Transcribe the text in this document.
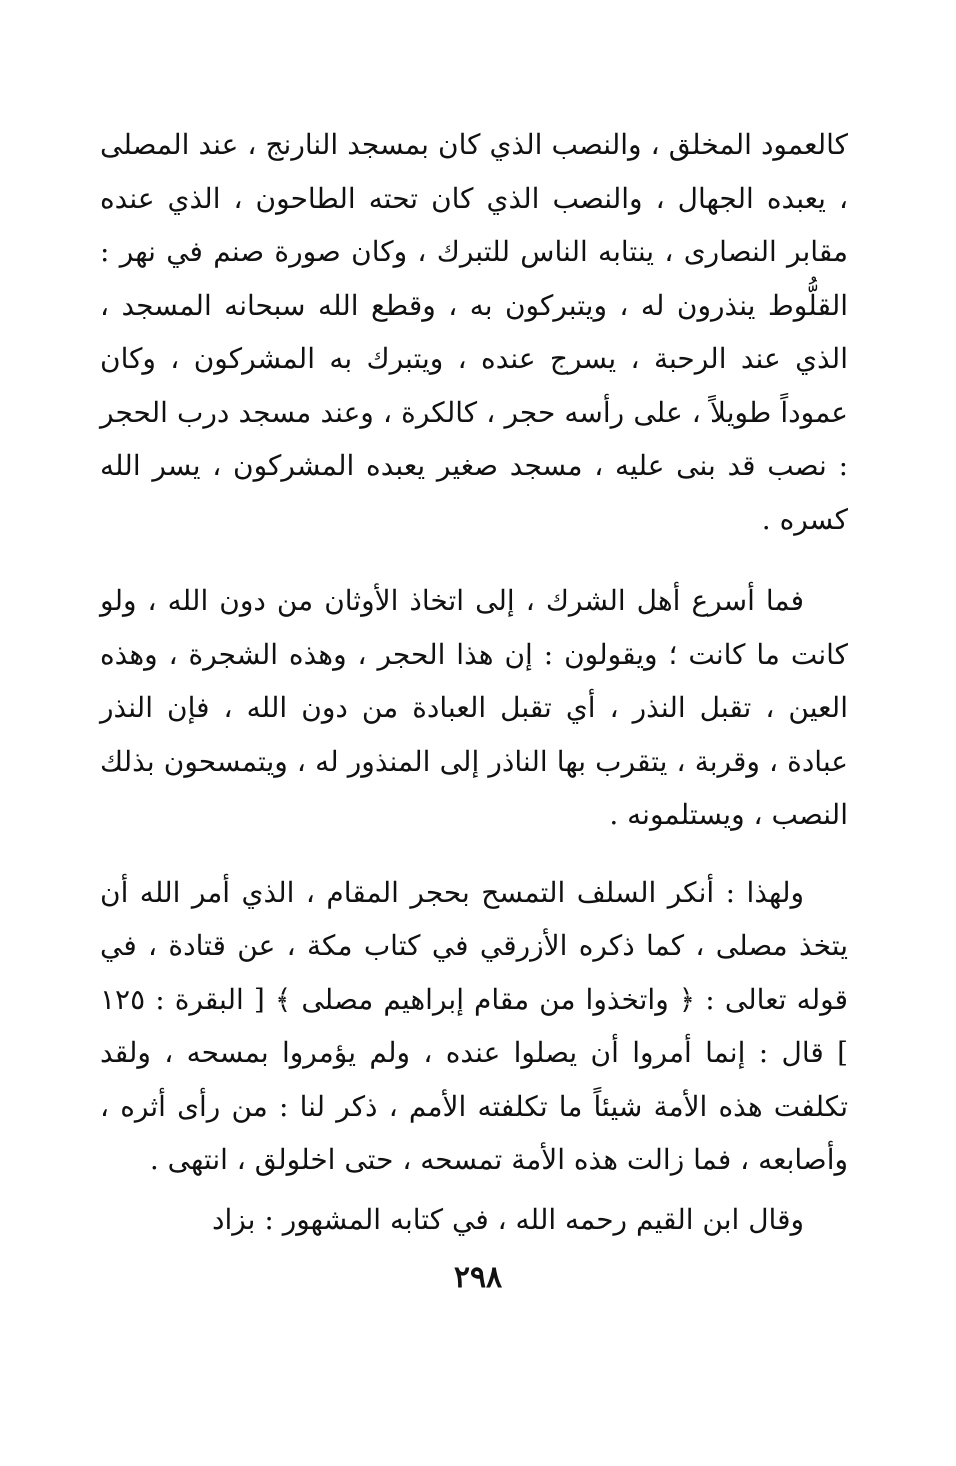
كالعمود المخلق ، والنصب الذي كان بمسجد النارنج ، عند المصلى ، يعبده الجهال ، والنصب الذي كان تحته الطاحون ، الذي عنده مقابر النصارى ، ينتابه الناس للتبرك ، وكان صورة صنم في نهر : القلُّوط ينذرون له ، ويتبركون به ، وقطع الله سبحانه المسجد ، الذي عند الرحبة ، يسرج عنده ، ويتبرك به المشركون ، وكان عموداً طويلاً ، على رأسه حجر ، كالكرة ، وعند مسجد درب الحجر : نصب قد بنى عليه ، مسجد صغير يعبده المشركون ، يسر الله كسره .

فما أسرع أهل الشرك ، إلى اتخاذ الأوثان من دون الله ، ولو كانت ما كانت ؛ ويقولون : إن هذا الحجر ، وهذه الشجرة ، وهذه العين ، تقبل النذر ، أي تقبل العبادة من دون الله ، فإن النذر عبادة ، وقربة ، يتقرب بها الناذر إلى المنذور له ، ويتمسحون بذلك النصب ، ويستلمونه .

ولهذا : أنكر السلف التمسح بحجر المقام ، الذي أمر الله أن يتخذ مصلى ، كما ذكره الأزرقي في كتاب مكة ، عن قتادة ، في قوله تعالى : ﴿ واتخذوا من مقام إبراهيم مصلى ﴾ [ البقرة : ١٢٥ ] قال : إنما أمروا أن يصلوا عنده ، ولم يؤمروا بمسحه ، ولقد تكلفت هذه الأمة شيئاً ما تكلفته الأمم ، ذكر لنا : من رأى أثره ، وأصابعه ، فما زالت هذه الأمة تمسحه ، حتى اخلولق ، انتهى .

وقال ابن القيم رحمه الله ، في كتابه المشهور : بزاد

٢٩٨
